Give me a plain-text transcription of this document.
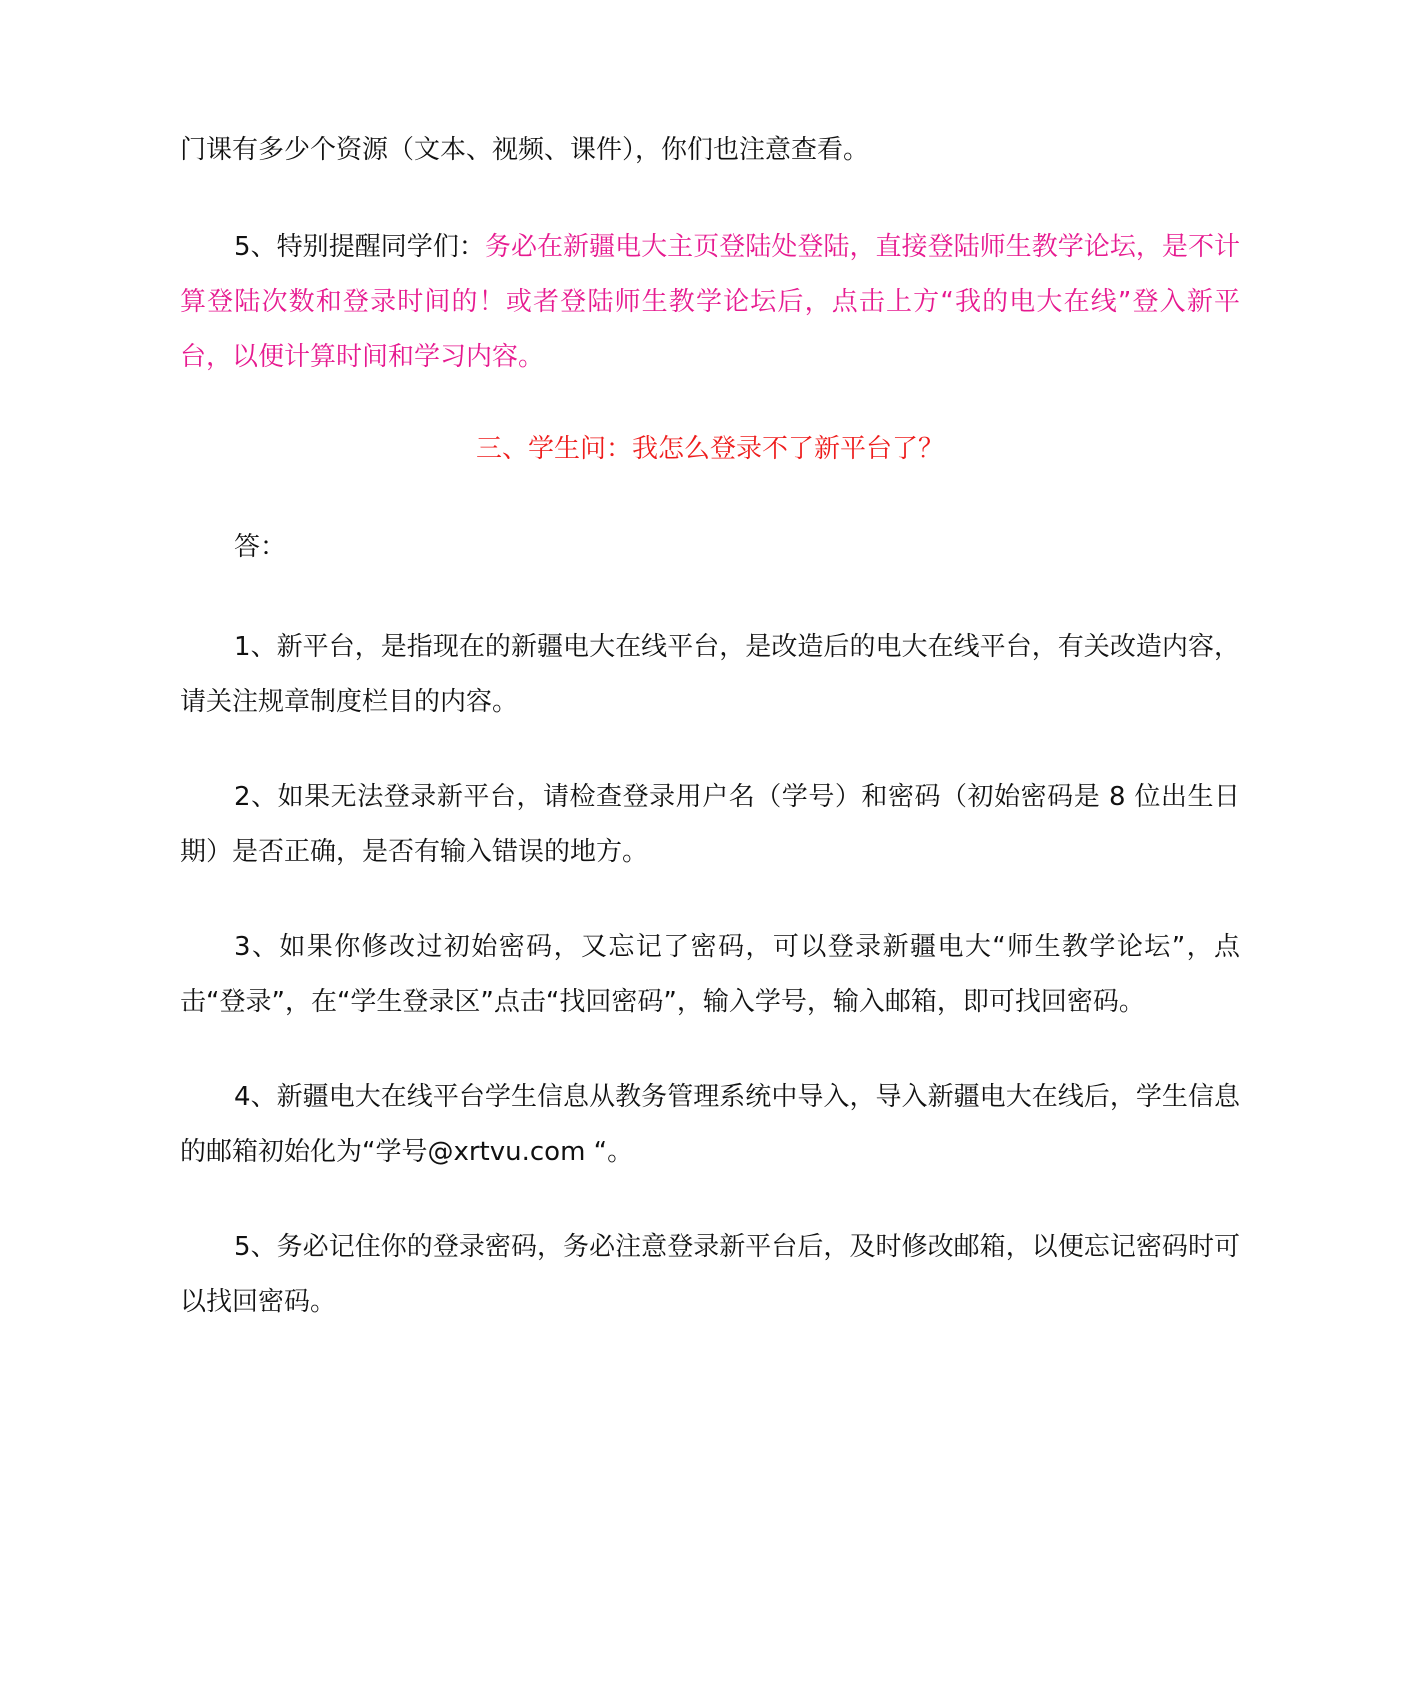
门课有多少个资源（文本、视频、课件），你们也注意查看。

5、特别提醒同学们：务必在新疆电大主页登陆处登陆，直接登陆师生教学论坛，是不计算登陆次数和登录时间的！或者登陆师生教学论坛后，点击上方“我的电大在线”登入新平台，以便计算时间和学习内容。

三、学生问：我怎么登录不了新平台了？

答：

1、新平台，是指现在的新疆电大在线平台，是改造后的电大在线平台，有关改造内容，请关注规章制度栏目的内容。

2、如果无法登录新平台，请检查登录用户名（学号）和密码（初始密码是 8 位出生日期）是否正确，是否有输入错误的地方。

3、如果你修改过初始密码，又忘记了密码，可以登录新疆电大“师生教学论坛”，点击“登录”，在“学生登录区”点击“找回密码”，输入学号，输入邮箱，即可找回密码。

4、新疆电大在线平台学生信息从教务管理系统中导入，导入新疆电大在线后，学生信息的邮箱初始化为“学号@xrtvu.com “。

5、务必记住你的登录密码，务必注意登录新平台后，及时修改邮箱，以便忘记密码时可以找回密码。
